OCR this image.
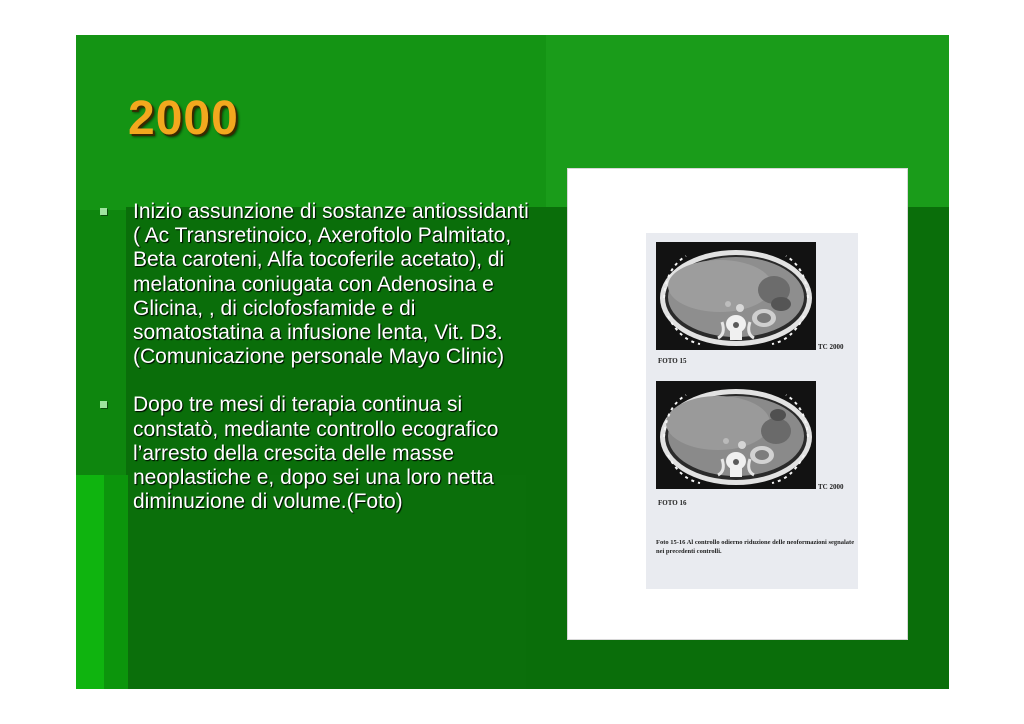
2000
Inizio assunzione di sostanze antiossidanti ( Ac Transretinoico, Axeroftolo Palmitato, Beta caroteni, Alfa tocoferile acetato), di melatonina coniugata con Adenosina e Glicina, , di ciclofosfamide e di somatostatina a infusione lenta, Vit. D3.(Comunicazione personale Mayo Clinic)
Dopo tre mesi di terapia continua si constatò, mediante controllo ecografico l’arresto della crescita delle masse neoplastiche e, dopo sei una loro netta diminuzione di volume.(Foto)
TC 2000
FOTO 15
TC 2000
FOTO 16
Foto 15-16 Al controllo odierno riduzione delle neoformazioni segnalate nei precedenti controlli.
